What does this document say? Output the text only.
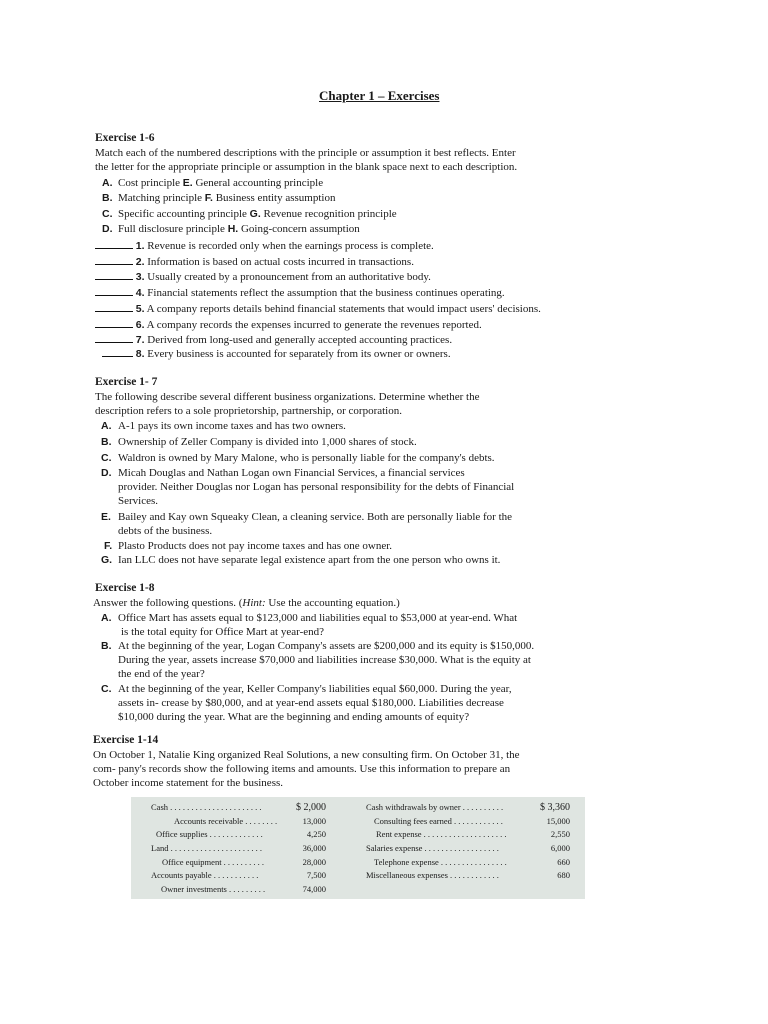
Chapter 1 – Exercises
Exercise 1-6
Match each of the numbered descriptions with the principle or assumption it best reflects. Enter
the letter for the appropriate principle or assumption in the blank space next to each description.
A. Cost principle E. General accounting principle
B. Matching principle F. Business entity assumption
C. Specific accounting principle G. Revenue recognition principle
D. Full disclosure principle H. Going-concern assumption
1. Revenue is recorded only when the earnings process is complete.
2. Information is based on actual costs incurred in transactions.
3. Usually created by a pronouncement from an authoritative body.
4. Financial statements reflect the assumption that the business continues operating.
5. A company reports details behind financial statements that would impact users' decisions.
6. A company records the expenses incurred to generate the revenues reported.
7. Derived from long-used and generally accepted accounting practices.
8. Every business is accounted for separately from its owner or owners.
Exercise 1- 7
The following describe several different business organizations. Determine whether the
description refers to a sole proprietorship, partnership, or corporation.
A. A-1 pays its own income taxes and has two owners.
B. Ownership of Zeller Company is divided into 1,000 shares of stock.
C. Waldron is owned by Mary Malone, who is personally liable for the company's debts.
D. Micah Douglas and Nathan Logan own Financial Services, a financial services
provider. Neither Douglas nor Logan has personal responsibility for the debts of Financial
Services.
E. Bailey and Kay own Squeaky Clean, a cleaning service. Both are personally liable for the
debts of the business.
F. Plasto Products does not pay income taxes and has one owner.
G. Ian LLC does not have separate legal existence apart from the one person who owns it.
Exercise 1-8
Answer the following questions. (Hint: Use the accounting equation.)
A. Office Mart has assets equal to $123,000 and liabilities equal to $53,000 at year-end. What
is the total equity for Office Mart at year-end?
B. At the beginning of the year, Logan Company's assets are $200,000 and its equity is $150,000.
During the year, assets increase $70,000 and liabilities increase $30,000. What is the equity at
the end of the year?
C. At the beginning of the year, Keller Company's liabilities equal $60,000. During the year,
assets in- crease by $80,000, and at year-end assets equal $180,000. Liabilities decrease
$10,000 during the year. What are the beginning and ending amounts of equity?
Exercise 1-14
On October 1, Natalie King organized Real Solutions, a new consulting firm. On October 31, the
com- pany's records show the following items and amounts. Use this information to prepare an
October income statement for the business.
Cash . . . . . . . . . . . . . . . . . . . . . .
Accounts receivable . . . . . . . .
Office supplies . . . . . . . . . . . . .
Land . . . . . . . . . . . . . . . . . . . . . .
Office equipment . . . . . . . . . .
Accounts payable . . . . . . . . . . .
Owner investments . . . . . . . . .
$ 2,000
13,000
4,250
36,000
28,000
7,500
74,000
Cash withdrawals by owner . . . . . . . . . .
Consulting fees earned . . . . . . . . . . . .
Rent expense . . . . . . . . . . . . . . . . . . . .
Salaries expense . . . . . . . . . . . . . . . . . .
Telephone expense . . . . . . . . . . . . . . . .
Miscellaneous expenses . . . . . . . . . . . .
$ 3,360
15,000
2,550
6,000
660
680
